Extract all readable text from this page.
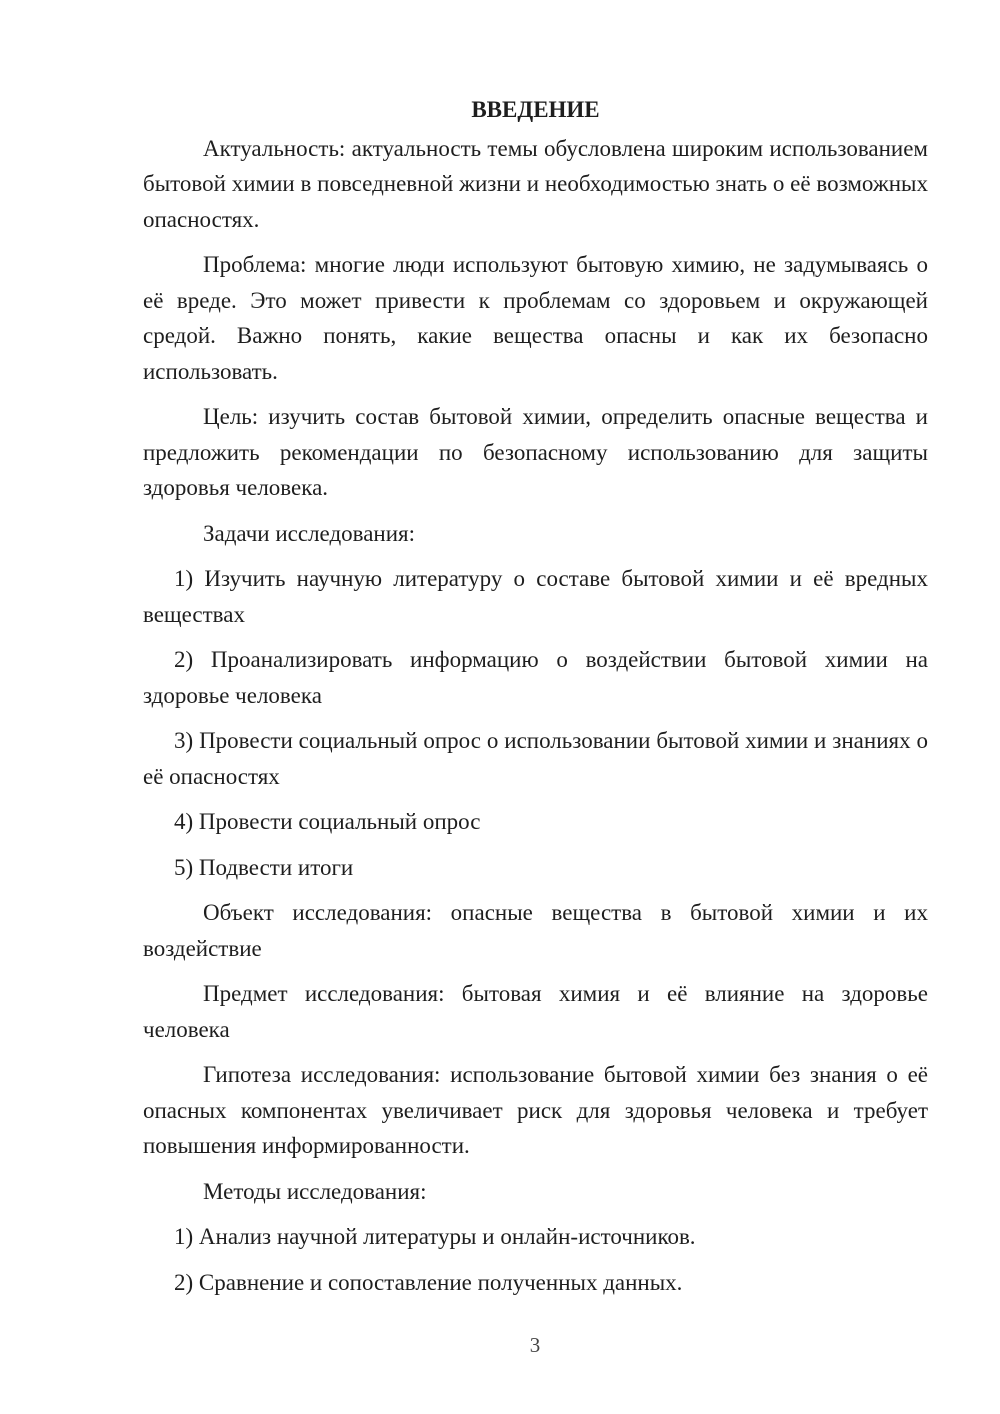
ВВЕДЕНИЕ

Актуальность: актуальность темы обусловлена широким использованием бытовой химии в повседневной жизни и необходимостью знать о её возможных опасностях.

Проблема: многие люди используют бытовую химию, не задумываясь о её вреде. Это может привести к проблемам со здоровьем и окружающей средой. Важно понять, какие вещества опасны и как их безопасно использовать.

Цель: изучить состав бытовой химии, определить опасные вещества и предложить рекомендации по безопасному использованию для защиты здоровья человека.

Задачи исследования:

1) Изучить научную литературу о составе бытовой химии и её вредных веществах

2) Проанализировать информацию о воздействии бытовой химии на здоровье человека

3) Провести социальный опрос о использовании бытовой химии и знаниях о её опасностях

4) Провести социальный опрос

5) Подвести итоги

Объект исследования: опасные вещества в бытовой химии и их воздействие

Предмет исследования: бытовая химия и её влияние на здоровье человека

Гипотеза исследования: использование бытовой химии без знания о её опасных компонентах увеличивает риск для здоровья человека и требует повышения информированности.

Методы исследования:

1) Анализ научной литературы и онлайн-источников.

2) Сравнение и сопоставление полученных данных.

3
